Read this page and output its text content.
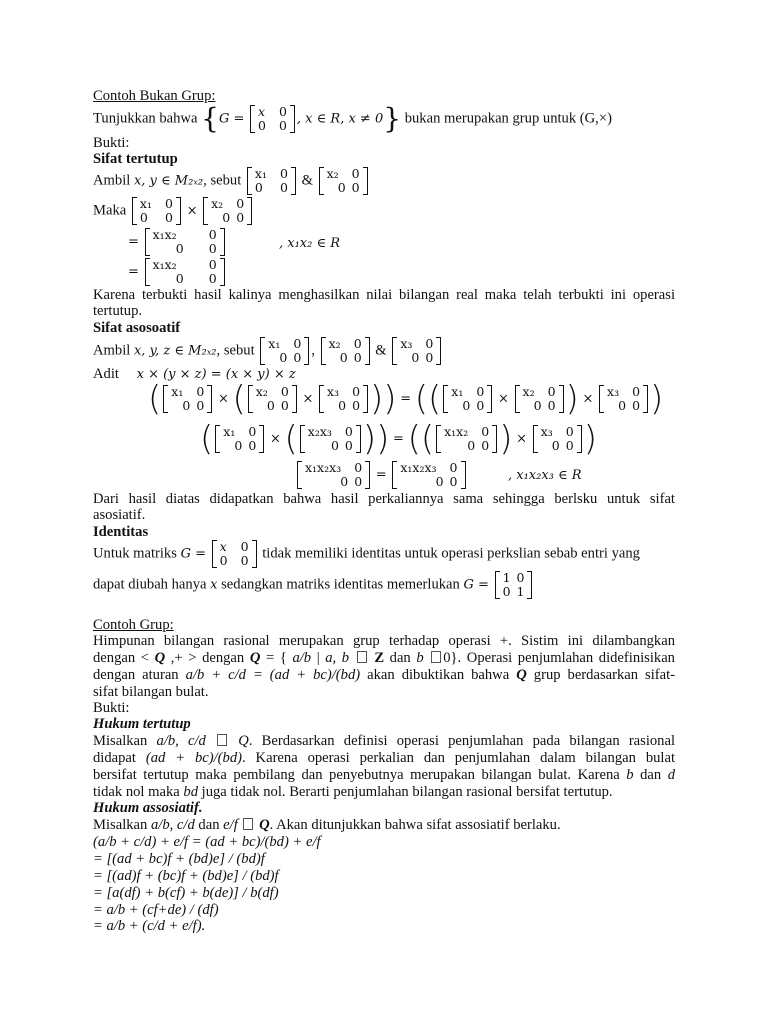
Contoh Bukan Grup:
Tunjukkan bahwa {G = x	0
0	0 , x ∈ R, x ≠ 0} bukan merupakan grup untuk (G,×)
Bukti:
Sifat tertutup
Ambil x, y ∈ M₂ₓ₂, sebut x₁	0
0	0 & x₂	0
0	0
Maka x₁	0
0	0 × x₂	0
0	0
= x₁x₂	0
0	0	, x₁x₂ ∈ R
= x₁x₂	0
0	0
Karena terbukti hasil kalinya menghasilkan nilai bilangan real maka telah terbukti ini operasi
tertutup.
Sifat asosoatif
Ambil x, y, z ∈ M₂ₓ₂, sebut x₁	0
0	0 , x₂	0
0	0 & x₃	0
0	0
Adit x × (y × z) = (x × y) × z
( x₁	0
0	0 × ( x₂	0
0	0 × x₃	0
0	0 )) = (( x₁	0
0	0 × x₂	0
0	0 ) × x₃	0
0	0 )
( x₁	0
0	0 × ( x₂x₃	0
0	0 )) = (( x₁x₂	0
0	0 ) × x₃	0
0	0 )
x₁x₂x₃	0
0	0 = x₁x₂x₃	0
0	0	, x₁x₂x₃ ∈ R
Dari hasil diatas didapatkan bahwa hasil perkaliannya sama sehingga berlsku untuk sifat
asosiatif.
Identitas
Untuk matriks G = x	0
0	0 tidak memiliki identitas untuk operasi perkslian sebab entri yang
dapat diubah hanya x sedangkan matriks identitas memerlukan G = 1	0
0	1
Contoh Grup:
Himpunan bilangan rasional merupakan grup terhadap operasi +. Sistim ini dilambangkan
dengan < Q ,+ > dengan Q = { a/b | a, b Z dan b 0}. Operasi penjumlahan didefinisikan
dengan aturan a/b + c/d = (ad + bc)/(bd) akan dibuktikan bahwa Q grup berdasarkan sifat-
sifat bilangan bulat.
Bukti:
Hukum tertutup
Misalkan a/b, c/d Q. Berdasarkan definisi operasi penjumlahan pada bilangan rasional
didapat (ad + bc)/(bd). Karena operasi perkalian dan penjumlahan dalam bilangan bulat
bersifat tertutup maka pembilang dan penyebutnya merupakan bilangan bulat. Karena b dan d
tidak nol maka bd juga tidak nol. Berarti penjumlahan bilangan rasional bersifat tertutup.
Hukum assosiatif.
Misalkan a/b, c/d dan e/f Q. Akan ditunjukkan bahwa sifat assosiatif berlaku.
(a/b + c/d) + e/f = (ad + bc)/(bd) + e/f
= [(ad + bc)f + (bd)e] / (bd)f
= [(ad)f + (bc)f + (bd)e] / (bd)f
= [a(df) + b(cf) + b(de)] / b(df)
= a/b + (cf+de) / (df)
= a/b + (c/d + e/f).
